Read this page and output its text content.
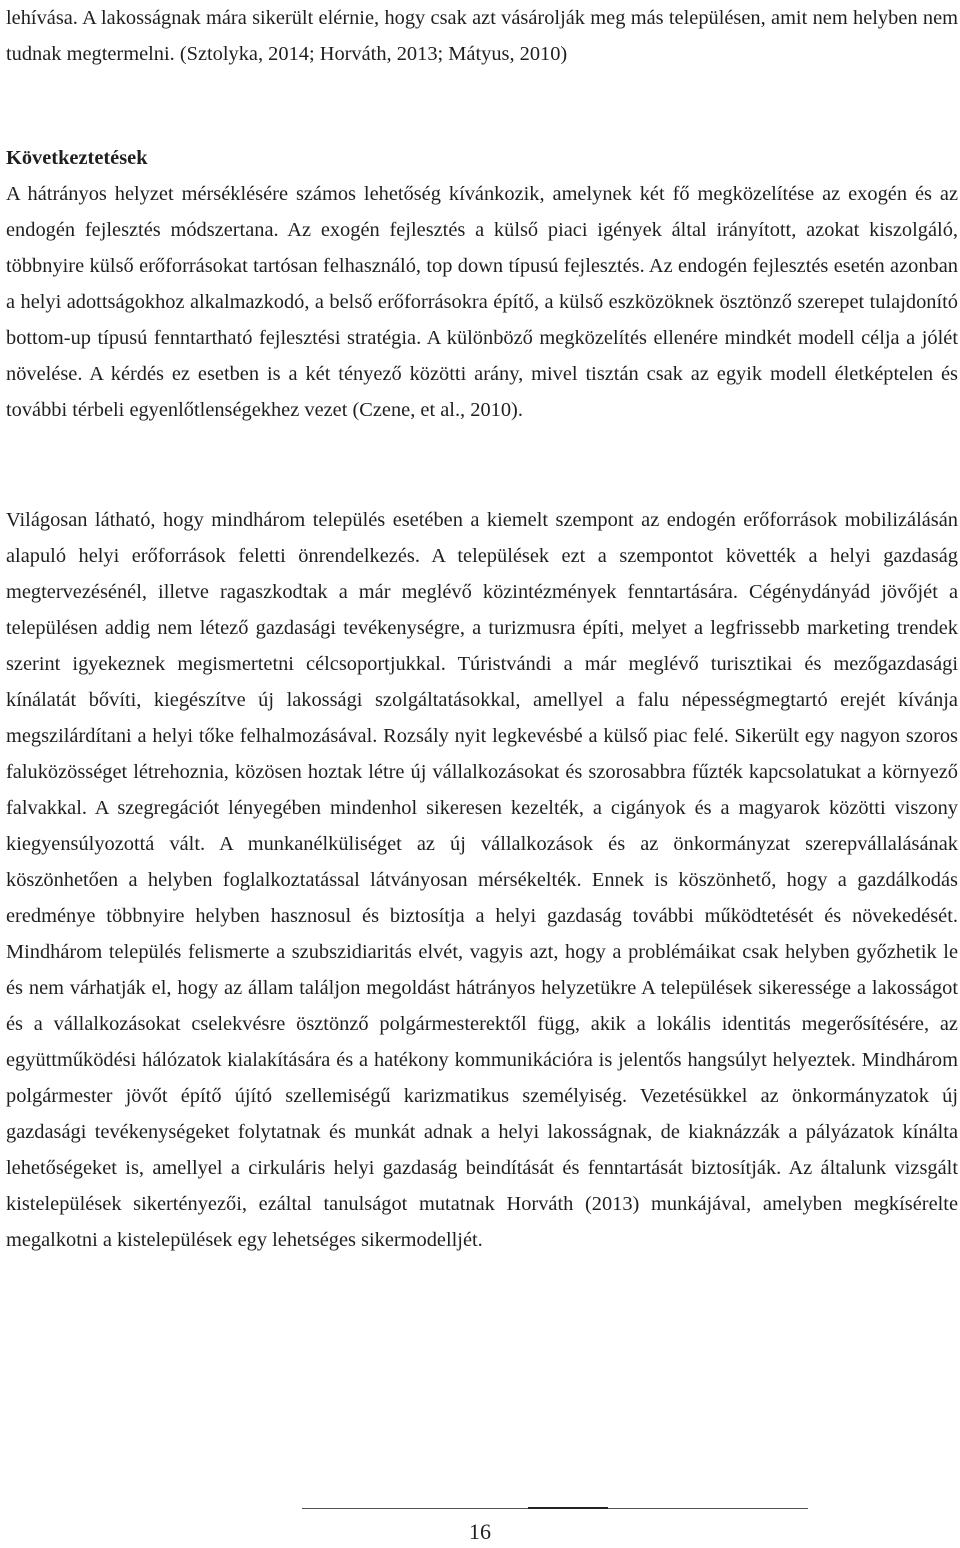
lehívása. A lakosságnak mára sikerült elérnie, hogy csak azt vásárolják meg más településen, amit nem helyben nem tudnak megtermelni. (Sztolyka, 2014; Horváth, 2013; Mátyus, 2010)

Következtetések

A hátrányos helyzet mérséklésére számos lehetőség kívánkozik, amelynek két fő megközelítése az exogén és az endogén fejlesztés módszertana. Az exogén fejlesztés a külső piaci igények által irányított, azokat kiszolgáló, többnyire külső erőforrásokat tartósan felhasználó, top down típusú fejlesztés. Az endogén fejlesztés esetén azonban a helyi adottságokhoz alkalmazkodó, a belső erőforrásokra építő, a külső eszközöknek ösztönző szerepet tulajdonító bottom-up típusú fenntartható fejlesztési stratégia. A különböző megközelítés ellenére mindkét modell célja a jólét növelése. A kérdés ez esetben is a két tényező közötti arány, mivel tisztán csak az egyik modell életképtelen és további térbeli egyenlőtlenségekhez vezet (Czene, et al., 2010).

Világosan látható, hogy mindhárom település esetében a kiemelt szempont az endogén erőforrások mobilizálásán alapuló helyi erőforrások feletti önrendelkezés. A települések ezt a szempontot követték a helyi gazdaság megtervezésénél, illetve ragaszkodtak a már meglévő közintézmények fenntartására. Cégénydányád jövőjét a településen addig nem létező gazdasági tevékenységre, a turizmusra építi, melyet a legfrissebb marketing trendek szerint igyekeznek megismertetni célcsoportjukkal. Túristvándi a már meglévő turisztikai és mezőgazdasági kínálatát bővíti, kiegészítve új lakossági szolgáltatásokkal, amellyel a falu népességmegtartó erejét kívánja megszilárdítani a helyi tőke felhalmozásával. Rozsály nyit legkevésbé a külső piac felé. Sikerült egy nagyon szoros faluközösséget létrehoznia, közösen hoztak létre új vállalkozásokat és szorosabbra fűzték kapcsolatukat a környező falvakkal. A szegregációt lényegében mindenhol sikeresen kezelték, a cigányok és a magyarok közötti viszony kiegyensúlyozottá vált. A munkanélküliséget az új vállalkozások és az önkormányzat szerepvállalásának köszönhetően a helyben foglalkoztatással látványosan mérsékelték. Ennek is köszönhető, hogy a gazdálkodás eredménye többnyire helyben hasznosul és biztosítja a helyi gazdaság további működtetését és növekedését. Mindhárom település felismerte a szubszidiaritás elvét, vagyis azt, hogy a problémáikat csak helyben győzhetik le és nem várhatják el, hogy az állam találjon megoldást hátrányos helyzetükre A települések sikeressége a lakosságot és a vállalkozásokat cselekvésre ösztönző polgármesterektől függ, akik a lokális identitás megerősítésére, az együttműködési hálózatok kialakítására és a hatékony kommunikációra is jelentős hangsúlyt helyeztek. Mindhárom polgármester jövőt építő újító szellemiségű karizmatikus személyiség. Vezetésükkel az önkormányzatok új gazdasági tevékenységeket folytatnak és munkát adnak a helyi lakosságnak, de kiaknázzák a pályázatok kínálta lehetőségeket is, amellyel a cirkuláris helyi gazdaság beindítását és fenntartását biztosítják. Az általunk vizsgált kistelepülések sikertényezői, ezáltal tanulságot mutatnak Horváth (2013) munkájával, amelyben megkísérelte megalkotni a kistelepülések egy lehetséges sikermodelljét.

16
